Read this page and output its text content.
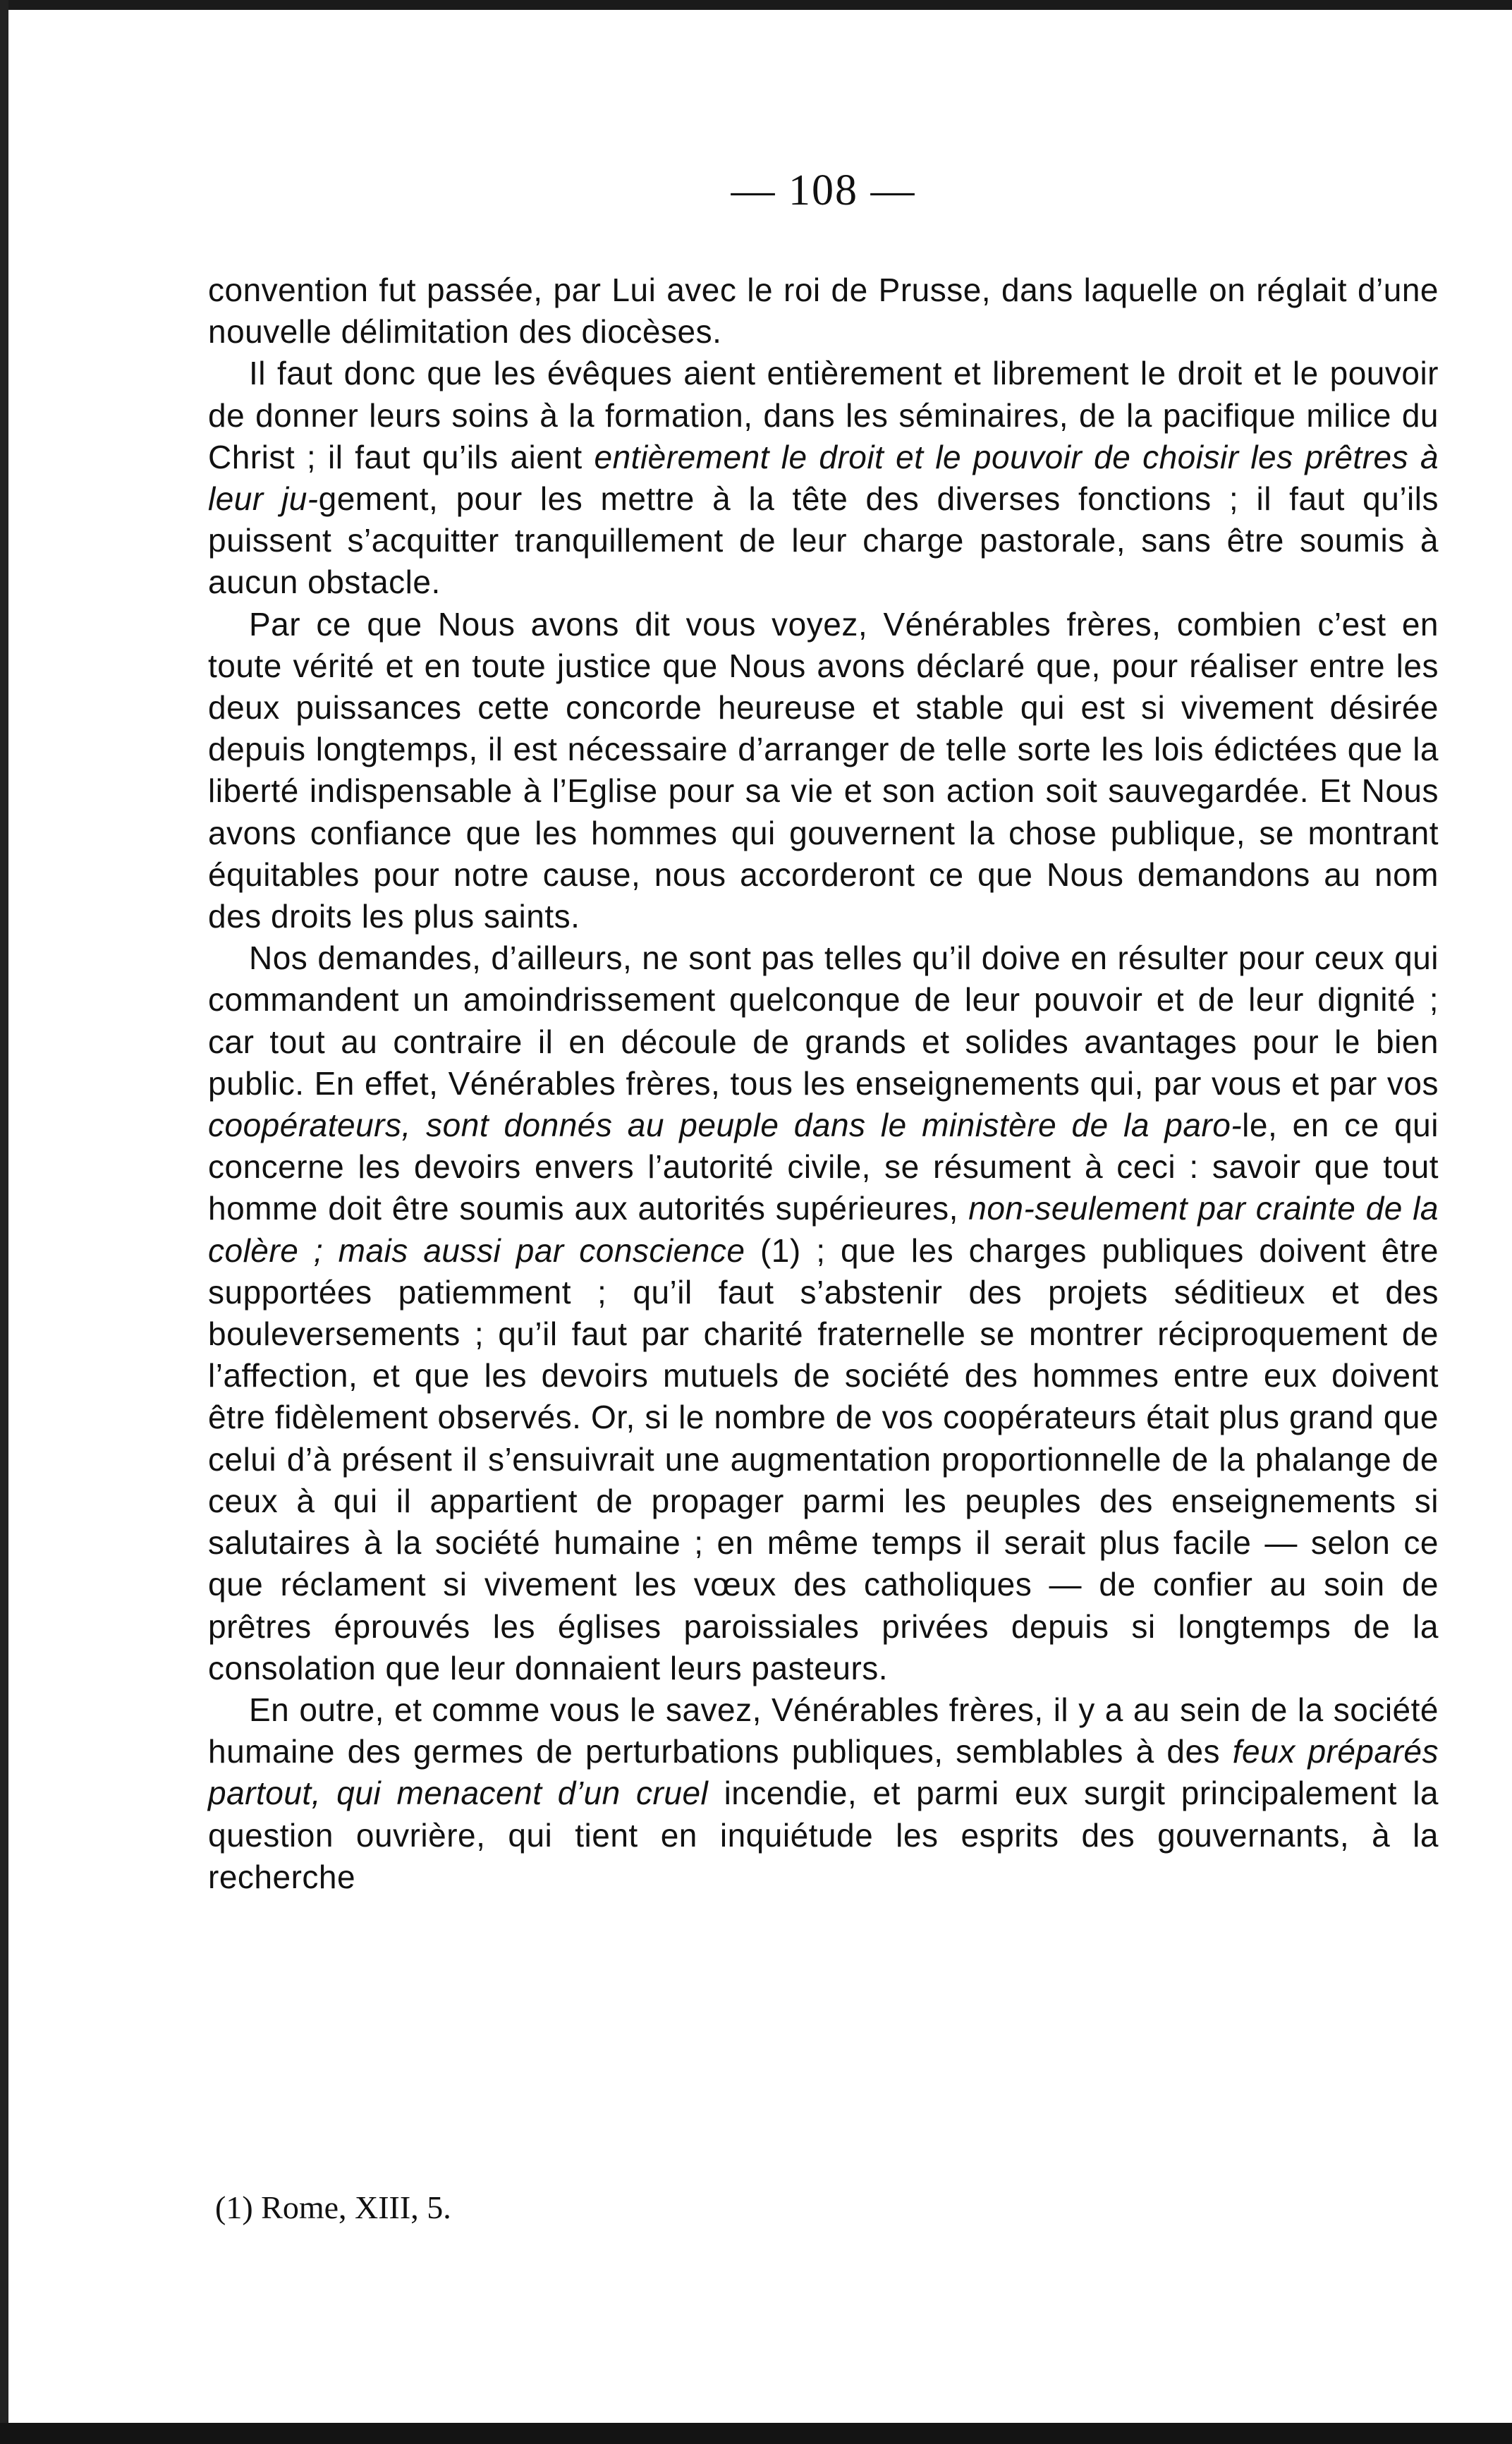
— 108 —

convention fut passée, par Lui avec le roi de Prusse, dans laquelle on réglait d’une nouvelle délimitation des diocèses.

Il faut donc que les évêques aient entièrement et librement le droit et le pouvoir de donner leurs soins à la formation, dans les séminaires, de la pacifique milice du Christ ; il faut qu’ils aient entièrement le droit et le pouvoir de choisir les prêtres à leur ju-gement, pour les mettre à la tête des diverses fonctions ; il faut qu’ils puissent s’acquitter tranquillement de leur charge pastorale, sans être soumis à aucun obstacle.

Par ce que Nous avons dit vous voyez, Vénérables frères, combien c’est en toute vérité et en toute justice que Nous avons déclaré que, pour réaliser entre les deux puissances cette concorde heureuse et stable qui est si vivement désirée depuis longtemps, il est nécessaire d’arranger de telle sorte les lois édictées que la liberté indispensable à l’Eglise pour sa vie et son action soit sauvegardée. Et Nous avons confiance que les hommes qui gouvernent la chose publique, se montrant équitables pour notre cause, nous accorderont ce que Nous demandons au nom des droits les plus saints.

Nos demandes, d’ailleurs, ne sont pas telles qu’il doive en résulter pour ceux qui commandent un amoindrissement quelconque de leur pouvoir et de leur dignité ; car tout au contraire il en découle de grands et solides avantages pour le bien public. En effet, Vénérables frères, tous les enseignements qui, par vous et par vos coopérateurs, sont donnés au peuple dans le ministère de la paro-le, en ce qui concerne les devoirs envers l’autorité civile, se résument à ceci : savoir que tout homme doit être soumis aux autorités supérieures, non-seulement par crainte de la colère ; mais aussi par conscience (1) ; que les charges publiques doivent être supportées patiemment ; qu’il faut s’abstenir des projets séditieux et des bouleversements ; qu’il faut par charité fraternelle se montrer réciproquement de l’affection, et que les devoirs mutuels de société des hommes entre eux doivent être fidèlement observés. Or, si le nombre de vos coopérateurs était plus grand que celui d’à présent il s’ensuivrait une augmentation proportionnelle de la phalange de ceux à qui il appartient de propager parmi les peuples des enseignements si salutaires à la société humaine ; en même temps il serait plus facile — selon ce que réclament si vivement les vœux des catholiques — de confier au soin de prêtres éprouvés les églises paroissiales privées depuis si longtemps de la consolation que leur donnaient leurs pasteurs.

En outre, et comme vous le savez, Vénérables frères, il y a au sein de la société humaine des germes de perturbations publiques, semblables à des feux préparés partout, qui menacent d’un cruel incendie, et parmi eux surgit principalement la question ouvrière, qui tient en inquiétude les esprits des gouvernants, à la recherche

(1) Rome, XIII, 5.
